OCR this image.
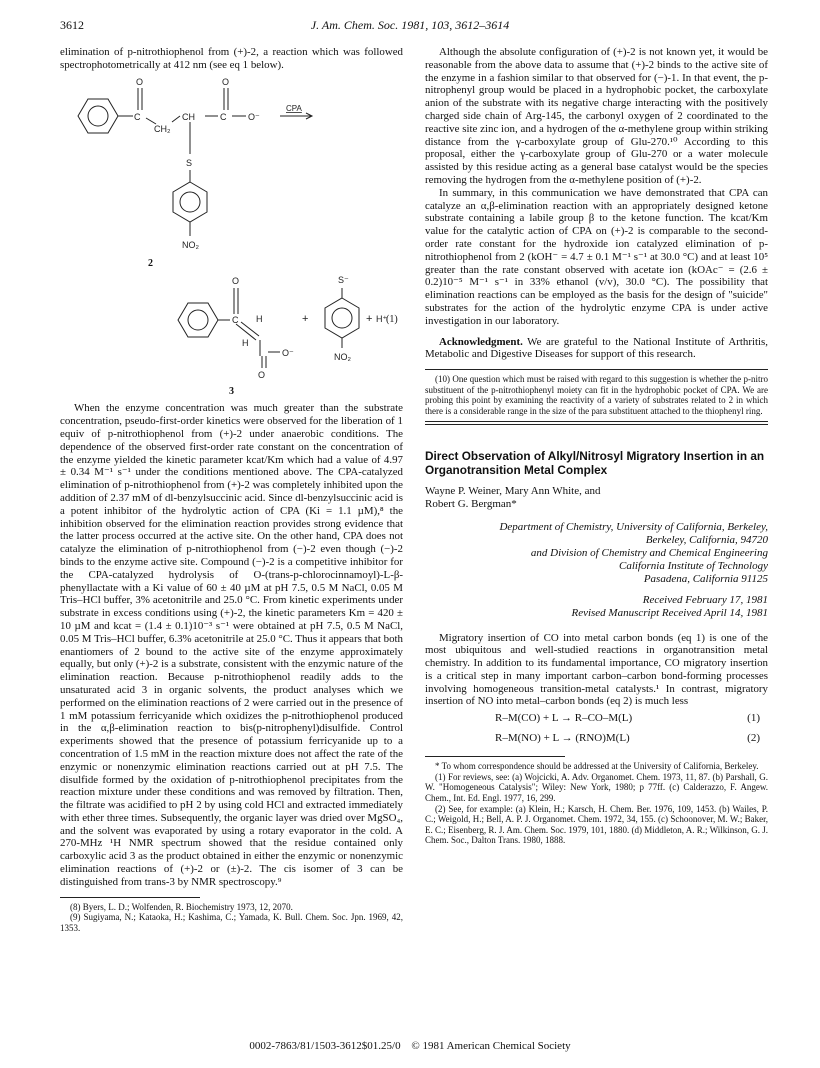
3612	J. Am. Chem. Soc. 1981, 103, 3612–3614

elimination of p-nitrothiophenol from (+)-2, a reaction which was followed spectrophotometrically at 412 nm (see eq 1 below).

C
O
CH₂
CH	C
O
O⁻
CPA
S
NO₂
2
C
O
H
H
O
O⁻
+	+ H⁺
S⁻
NO₂
(1)
3

When the enzyme concentration was much greater than the substrate concentration, pseudo-first-order kinetics were observed for the liberation of 1 equiv of p-nitrothiophenol from (+)-2 under anaerobic conditions. The dependence of the observed first-order rate constant on the concentration of the enzyme yielded the kinetic parameter kcat/Km which had a value of 4.97 ± 0.34 M⁻¹ s⁻¹ under the conditions mentioned above. The CPA-catalyzed elimination of p-nitrothiophenol from (+)-2 was completely inhibited upon the addition of 2.37 mM of dl-benzylsuccinic acid. Since dl-benzylsuccinic acid is a potent inhibitor of the hydrolytic action of CPA (Ki = 1.1 µM),⁸ the inhibition observed for the elimination reaction provides strong evidence that the latter process occurred at the active site. On the other hand, CPA does not catalyze the elimination of p-nitrothiophenol from (−)-2 even though (−)-2 binds to the enzyme active site. Compound (−)-2 is a competitive inhibitor for the CPA-catalyzed hydrolysis of O-(trans-p-chlorocinnamoyl)-L-β-phenyllactate with a Ki value of 60 ± 40 µM at pH 7.5, 0.5 M NaCl, 0.05 M Tris–HCl buffer, 3% acetonitrile and 25.0 °C. From kinetic experiments under substrate in excess conditions using (+)-2, the kinetic parameters Km = 420 ± 10 µM and kcat = (1.4 ± 0.1)10⁻³ s⁻¹ were obtained at pH 7.5, 0.5 M NaCl, 0.05 M Tris–HCl buffer, 6.3% acetonitrile at 25.0 °C. Thus it appears that both enantiomers of 2 bound to the active site of the enzyme approximately equally, but only (+)-2 is a substrate, consistent with the enzymic nature of the elimination reaction. Because p-nitrothiophenol readily adds to the unsaturated acid 3 in organic solvents, the product analyses which we performed on the elimination reactions of 2 were carried out in the presence of 1 mM potassium ferricyanide which oxidizes the p-nitrothiophenol produced in the α,β-elimination reaction to bis(p-nitrophenyl)disulfide. Control experiments showed that the presence of potassium ferricyanide up to a concentration of 1.5 mM in the reaction mixture does not affect the rate of the enzymic or nonenzymic elimination reactions carried out at pH 7.5. The disulfide formed by the oxidation of p-nitrothiophenol precipitates from the reaction mixture under these conditions and was removed by filtration. Then, the filtrate was acidified to pH 2 by using cold HCl and extracted immediately with ether three times. Subsequently, the organic layer was dried over MgSO₄, and the solvent was evaporated by using a rotary evaporator in the cold. A 270-MHz ¹H NMR spectrum showed that the residue contained only carboxylic acid 3 as the product obtained in either the enzymic or nonenzymic elimination reactions of (+)-2 or (±)-2. The cis isomer of 3 can be distinguished from trans-3 by NMR spectroscopy.⁹

(8) Byers, L. D.; Wolfenden, R. Biochemistry 1973, 12, 2070.

(9) Sugiyama, N.; Kataoka, H.; Kashima, C.; Yamada, K. Bull. Chem. Soc. Jpn. 1969, 42, 1353.

Although the absolute configuration of (+)-2 is not known yet, it would be reasonable from the above data to assume that (+)-2 binds to the active site of the enzyme in a fashion similar to that observed for (−)-1. In that event, the p-nitrophenyl group would be placed in a hydrophobic pocket, the carboxylate anion of the substrate with its negative charge interacting with the positively charged side chain of Arg-145, the carbonyl oxygen of 2 coordinated to the reactive site zinc ion, and a hydrogen of the α-methylene group within striking distance from the γ-carboxylate group of Glu-270.¹⁰ According to this proposal, either the γ-carboxylate group of Glu-270 or a water molecule assisted by this residue acting as a general base catalyst would be the species removing the hydrogen from the α-methylene position of (+)-2.

In summary, in this communication we have demonstrated that CPA can catalyze an α,β-elimination reaction with an appropriately designed ketone substrate containing a labile group β to the ketone function. The kcat/Km value for the catalytic action of CPA on (+)-2 is comparable to the second-order rate constant for the hydroxide ion catalyzed elimination of p-nitrothiophenol from 2 (kOH⁻ = 4.7 ± 0.1 M⁻¹ s⁻¹ at 30.0 °C) and at least 10⁵ greater than the rate constant observed with acetate ion (kOAc⁻ = (2.6 ± 0.2)10⁻⁵ M⁻¹ s⁻¹ in 33% ethanol (v/v), 30.0 °C). The possibility that elimination reactions can be employed as the basis for the design of "suicide" substrates for the action of the hydrolytic enzyme CPA is under active investigation in our laboratory.

Acknowledgment. We are grateful to the National Institute of Arthritis, Metabolic and Digestive Diseases for support of this research.

(10) One question which must be raised with regard to this suggestion is whether the p-nitro substituent of the p-nitrothiophenyl moiety can fit in the hydrophobic pocket of CPA. We are probing this point by examining the reactivity of a variety of substrates related to 2 in which there is a considerable range in the size of the para substituent attached to the thiophenyl ring.

Direct Observation of Alkyl/Nitrosyl Migratory Insertion in an Organotransition Metal Complex
Wayne P. Weiner, Mary Ann White, and
Robert G. Bergman*
Department of Chemistry, University of California, Berkeley,
Berkeley, California, 94720
and Division of Chemistry and Chemical Engineering
California Institute of Technology
Pasadena, California 91125
Received February 17, 1981
Revised Manuscript Received April 14, 1981

Migratory insertion of CO into metal carbon bonds (eq 1) is one of the most ubiquitous and well-studied reactions in organotransition metal chemistry. In addition to its fundamental importance, CO migratory insertion is a critical step in many important carbon–carbon bond-forming processes involving homogeneous transition-metal catalysts.¹ In contrast, migratory insertion of NO into metal–carbon bonds (eq 2) is much less

R–M(CO) + L → R–CO–M(L)	(1)
R–M(NO) + L → (RNO)M(L)	(2)

* To whom correspondence should be addressed at the University of California, Berkeley.

(1) For reviews, see: (a) Wojcicki, A. Adv. Organomet. Chem. 1973, 11, 87. (b) Parshall, G. W. "Homogeneous Catalysis"; Wiley: New York, 1980; p 77ff. (c) Calderazzo, F. Angew. Chem., Int. Ed. Engl. 1977, 16, 299.

(2) See, for example: (a) Klein, H.; Karsch, H. Chem. Ber. 1976, 109, 1453. (b) Wailes, P. C.; Weigold, H.; Bell, A. P. J. Organomet. Chem. 1972, 34, 155. (c) Schoonover, M. W.; Baker, E. C.; Eisenberg, R. J. Am. Chem. Soc. 1979, 101, 1880. (d) Middleton, A. R.; Wilkinson, G. J. Chem. Soc., Dalton Trans. 1980, 1888.

0002-7863/81/1503-3612$01.25/0 © 1981 American Chemical Society
